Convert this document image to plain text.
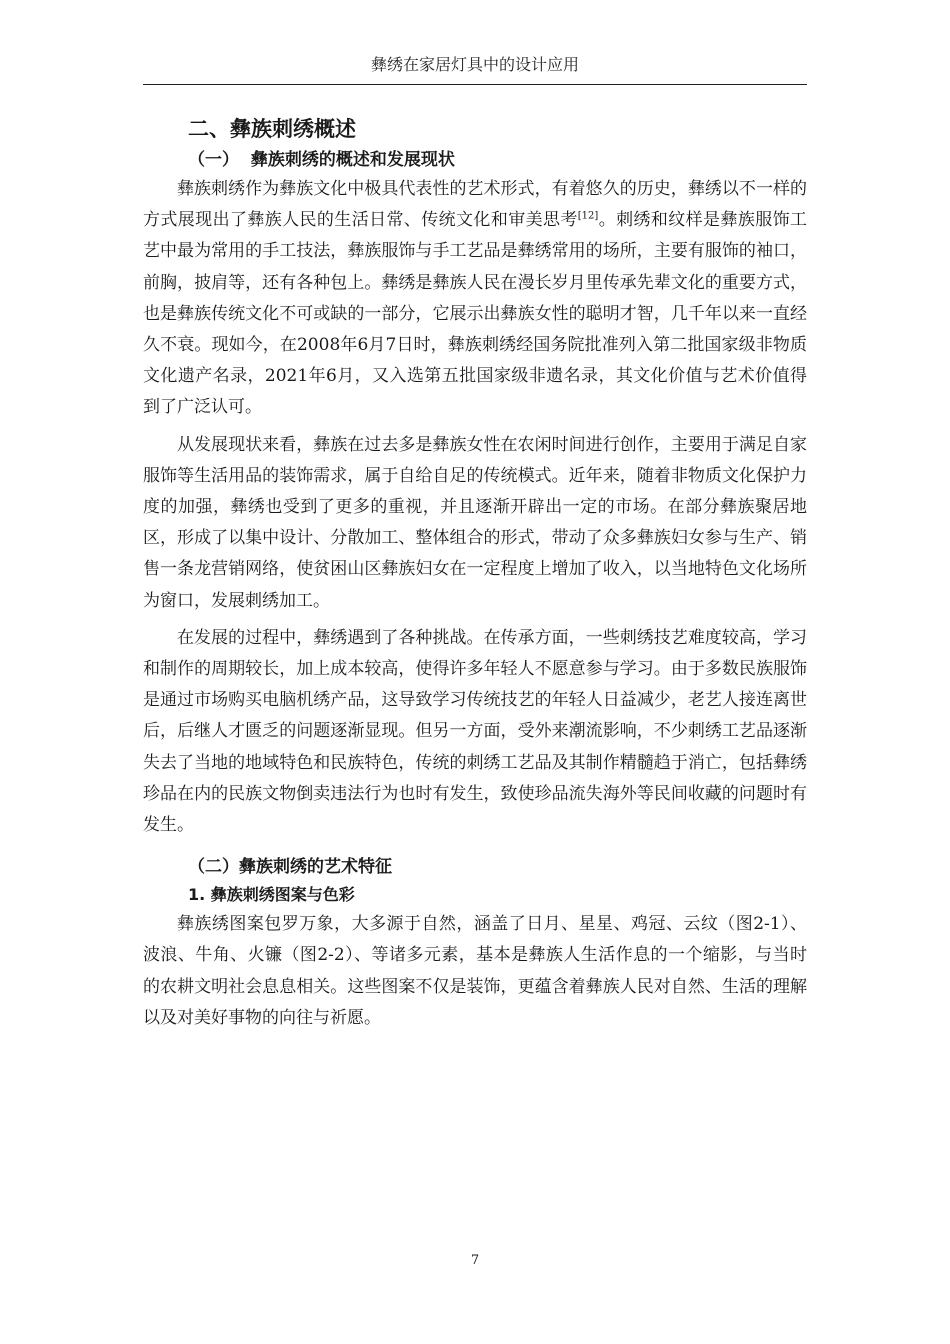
彝绣在家居灯具中的设计应用
二、彝族刺绣概述
（一）  彝族刺绣的概述和发展现状

彝族刺绣作为彝族文化中极具代表性的艺术形式，有着悠久的历史，彝绣以不一样的方式展现出了彝族人民的生活日常、传统文化和审美思考[12]。刺绣和纹样是彝族服饰工艺中最为常用的手工技法，彝族服饰与手工艺品是彝绣常用的场所，主要有服饰的袖口，前胸，披肩等，还有各种包上。彝绣是彝族人民在漫长岁月里传承先辈文化的重要方式，也是彝族传统文化不可或缺的一部分，它展示出彝族女性的聪明才智，几千年以来一直经久不衰。现如今，在2008年6月7日时，彝族刺绣经国务院批准列入第二批国家级非物质文化遗产名录，2021年6月，又入选第五批国家级非遗名录，其文化价值与艺术价值得到了广泛认可。

从发展现状来看，彝族在过去多是彝族女性在农闲时间进行创作，主要用于满足自家服饰等生活用品的装饰需求，属于自给自足的传统模式。近年来，随着非物质文化保护力度的加强，彝绣也受到了更多的重视，并且逐渐开辟出一定的市场。在部分彝族聚居地区，形成了以集中设计、分散加工、整体组合的形式，带动了众多彝族妇女参与生产、销售一条龙营销网络，使贫困山区彝族妇女在一定程度上增加了收入，以当地特色文化场所为窗口，发展刺绣加工。

在发展的过程中，彝绣遇到了各种挑战。在传承方面，一些刺绣技艺难度较高，学习和制作的周期较长，加上成本较高，使得许多年轻人不愿意参与学习。由于多数民族服饰是通过市场购买电脑机绣产品，这导致学习传统技艺的年轻人日益减少，老艺人接连离世后，后继人才匮乏的问题逐渐显现。但另一方面，受外来潮流影响，不少刺绣工艺品逐渐失去了当地的地域特色和民族特色，传统的刺绣工艺品及其制作精髓趋于消亡，包括彝绣珍品在内的民族文物倒卖违法行为也时有发生，致使珍品流失海外等民间收藏的问题时有发生。

（二）彝族刺绣的艺术特征
1. 彝族刺绣图案与色彩

彝族绣图案包罗万象，大多源于自然，涵盖了日月、星星、鸡冠、云纹（图2-1）、波浪、牛角、火镰（图2-2）、等诸多元素，基本是彝族人生活作息的一个缩影，与当时的农耕文明社会息息相关。这些图案不仅是装饰，更蕴含着彝族人民对自然、生活的理解以及对美好事物的向往与祈愿。

7
